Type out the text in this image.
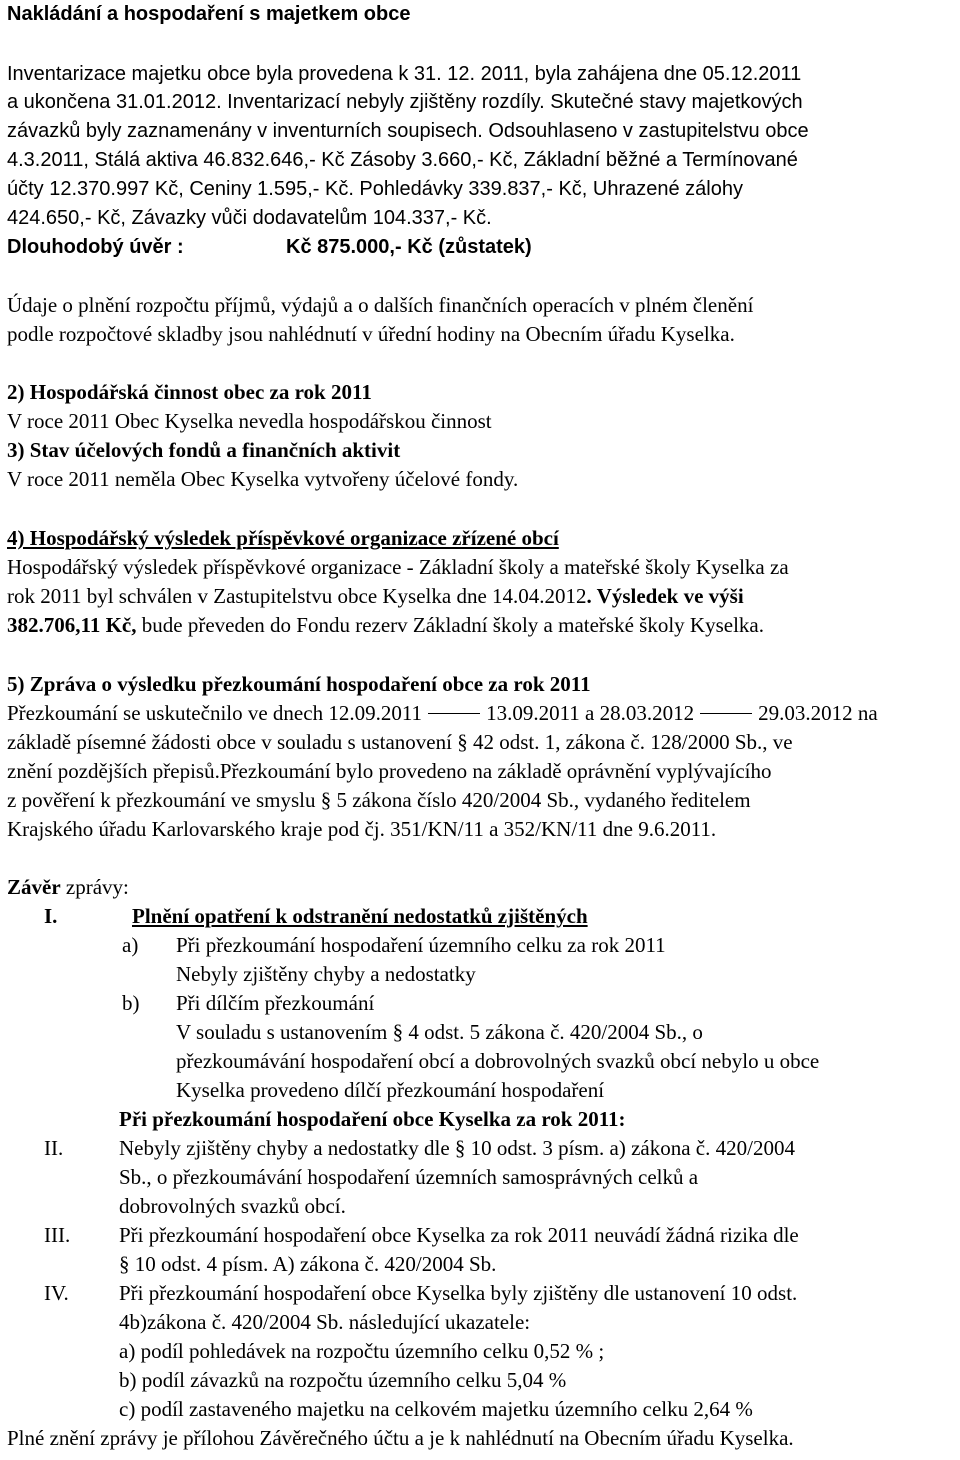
Nakládání a hospodaření s majetkem obce
Inventarizace majetku obce byla provedena k 31. 12. 2011, byla zahájena dne 05.12.2011
a ukončena 31.01.2012. Inventarizací nebyly zjištěny rozdíly. Skutečné stavy majetkových
závazků byly zaznamenány v inventurních soupisech. Odsouhlaseno v zastupitelstvu obce
4.3.2011, Stálá aktiva 46.832.646,- Kč Zásoby 3.660,- Kč, Základní běžné a Termínované
účty 12.370.997 Kč, Ceniny 1.595,- Kč. Pohledávky 339.837,- Kč, Uhrazené zálohy
424.650,- Kč, Závazky vůči dodavatelům 104.337,- Kč.
Dlouhodobý úvěr :	Kč 875.000,- Kč (zůstatek)
Údaje o plnění rozpočtu příjmů, výdajů a o dalších finančních operacích v plném členění
podle rozpočtové skladby jsou nahlédnutí v úřední hodiny na Obecním úřadu Kyselka.
2) Hospodářská činnost obec za rok 2011
V roce 2011 Obec Kyselka nevedla hospodářskou činnost
3) Stav účelových fondů a finančních aktivit
V roce 2011 neměla Obec Kyselka vytvořeny účelové fondy.
4) Hospodářský výsledek příspěvkové organizace zřízené obcí
Hospodářský výsledek příspěvkové organizace - Základní školy a mateřské školy Kyselka za
rok 2011 byl schválen v Zastupitelstvu obce Kyselka dne 14.04.2012. Výsledek ve výši
382.706,11 Kč, bude převeden do Fondu rezerv Základní školy a mateřské školy Kyselka.
5) Zpráva o výsledku přezkoumání hospodaření obce za rok 2011
Přezkoumání se uskutečnilo ve dnech 12.09.2011	13.09.2011 a 28.03.2012	29.03.2012 na
základě písemné žádosti obce v souladu s ustanovení § 42 odst. 1, zákona č. 128/2000 Sb., ve
znění pozdějších přepisů.Přezkoumání bylo provedeno na základě oprávnění vyplývajícího
z pověření k přezkoumání ve smyslu § 5 zákona číslo 420/2004 Sb., vydaného ředitelem
Krajského úřadu Karlovarského kraje pod čj. 351/KN/11 a 352/KN/11 dne 9.6.2011.
Závěr zprávy:
I.	Plnění opatření k odstranění nedostatků zjištěných
a) Při přezkoumání hospodaření územního celku za rok 2011
Nebyly zjištěny chyby a nedostatky
b) Při dílčím přezkoumání
V souladu s ustanovením § 4 odst. 5 zákona č. 420/2004 Sb., o
přezkoumávání hospodaření obcí a dobrovolných svazků obcí nebylo u obce
Kyselka provedeno dílčí přezkoumání hospodaření
Při přezkoumání hospodaření obce Kyselka za rok 2011:
II.	Nebyly zjištěny chyby a nedostatky dle § 10 odst. 3 písm. a) zákona č. 420/2004
Sb., o přezkoumávání hospodaření územních samosprávných celků a
dobrovolných svazků obcí.
III. Při přezkoumání hospodaření obce Kyselka za rok 2011 neuvádí žádná rizika dle
§ 10 odst. 4 písm. A) zákona č. 420/2004 Sb.
IV. Při přezkoumání hospodaření obce Kyselka byly zjištěny dle ustanovení 10 odst.
4b)zákona č. 420/2004 Sb. následující ukazatele:
a) podíl pohledávek na rozpočtu územního celku 0,52 % ;
b) podíl závazků na rozpočtu územního celku 5,04 %
c) podíl zastaveného majetku na celkovém majetku územního celku 2,64 %
Plné znění zprávy je přílohou Závěrečného účtu a je k nahlédnutí na Obecním úřadu Kyselka.
